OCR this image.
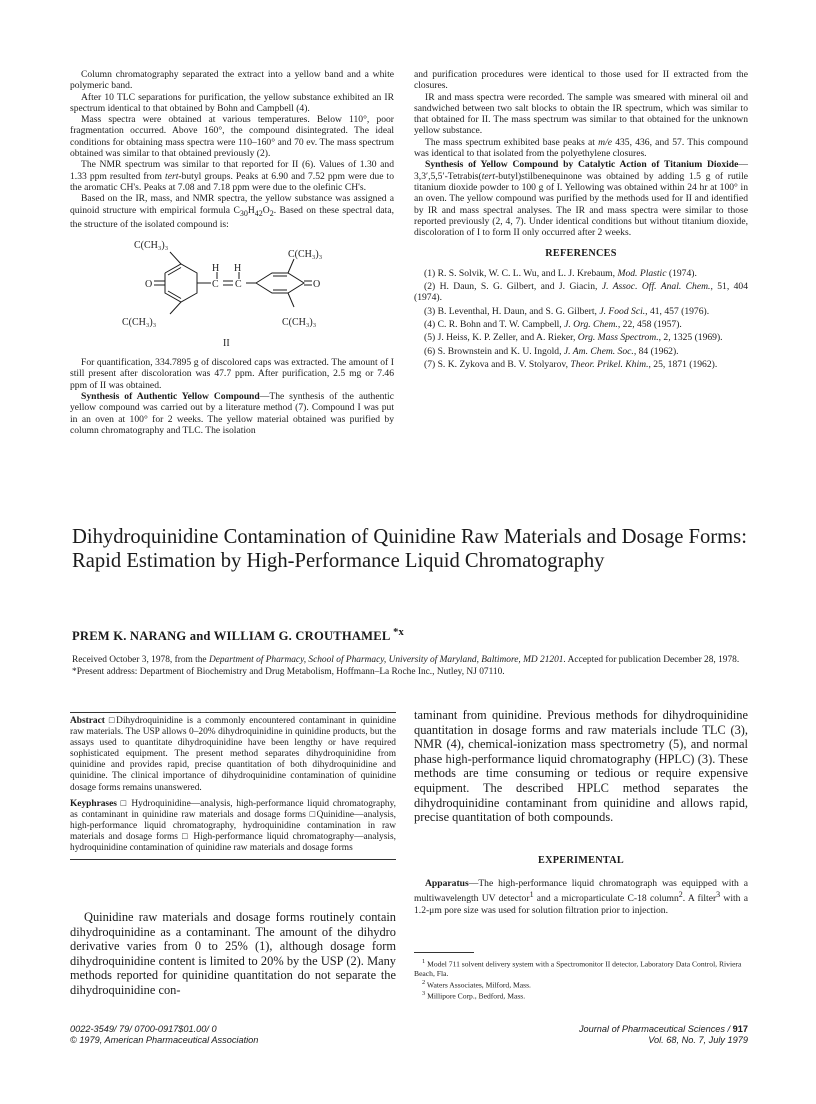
Column chromatography separated the extract into a yellow band and a white polymeric band.

After 10 TLC separations for purification, the yellow substance exhibited an IR spectrum identical to that obtained by Bohn and Campbell (4).

Mass spectra were obtained at various temperatures. Below 110°, poor fragmentation occurred. Above 160°, the compound disintegrated. The ideal conditions for obtaining mass spectra were 110–160° and 70 ev. The mass spectrum obtained was similar to that obtained previously (2).

The NMR spectrum was similar to that reported for II (6). Values of 1.30 and 1.33 ppm resulted from tert-butyl groups. Peaks at 6.90 and 7.52 ppm were due to the aromatic CH's. Peaks at 7.08 and 7.18 ppm were due to the olefinic CH's.

Based on the IR, mass, and NMR spectra, the yellow substance was assigned a quinoid structure with empirical formula $C_{30}H_{42}O_2$. Based on these spectral data, the structure of the isolated compound is:

C(CH₃)₃
C(CH₃)₃
C(CH₃)₃	C(CH₃)₃
O	O
H H
C C
II

For quantification, 334.7895 g of discolored caps was extracted. The amount of I still present after discoloration was 47.7 ppm. After purification, 2.5 mg or 7.46 ppm of II was obtained.

Synthesis of Authentic Yellow Compound—The synthesis of the authentic yellow compound was carried out by a literature method (7). Compound I was put in an oven at 100° for 2 weeks. The yellow material obtained was purified by column chromatography and TLC. The isolation

and purification procedures were identical to those used for II extracted from the closures.

IR and mass spectra were recorded. The sample was smeared with mineral oil and sandwiched between two salt blocks to obtain the IR spectrum, which was similar to that obtained for II. The mass spectrum was similar to that obtained for the unknown yellow substance.

The mass spectrum exhibited base peaks at m/e 435, 436, and 57. This compound was identical to that isolated from the polyethylene closures.

Synthesis of Yellow Compound by Catalytic Action of Titanium Dioxide—3,3′,5,5′-Tetrabis(tert-butyl)stilbenequinone was obtained by adding 1.5 g of rutile titanium dioxide powder to 100 g of I. Yellowing was obtained within 24 hr at 100° in an oven. The yellow compound was purified by the methods used for II and identified by IR and mass spectral analyses. The IR and mass spectra were similar to those reported previously (2, 4, 7). Under identical conditions but without titanium dioxide, discoloration of I to form II only occurred after 2 weeks.

REFERENCES

(1) R. S. Solvik, W. C. L. Wu, and L. J. Krebaum, Mod. Plastic (1974).

(2) H. Daun, S. G. Gilbert, and J. Giacin, J. Assoc. Off. Anal. Chem., 51, 404 (1974).

(3) B. Leventhal, H. Daun, and S. G. Gilbert, J. Food Sci., 41, 457 (1976).

(4) C. R. Bohn and T. W. Campbell, J. Org. Chem., 22, 458 (1957).

(5) J. Heiss, K. P. Zeller, and A. Rieker, Org. Mass Spectrom., 2, 1325 (1969).

(6) S. Brownstein and K. U. Ingold, J. Am. Chem. Soc., 84 (1962).

(7) S. K. Zykova and B. V. Stolyarov, Theor. Prikel. Khim., 25, 1871 (1962).

Dihydroquinidine Contamination of Quinidine Raw Materials and Dosage Forms: Rapid Estimation by High-Performance Liquid Chromatography
PREM K. NARANG and WILLIAM G. CROUTHAMEL $^{*x}$
Received October 3, 1978, from the Department of Pharmacy, School of Pharmacy, University of Maryland, Baltimore, MD 21201. Accepted for publication December 28, 1978. *Present address: Department of Biochemistry and Drug Metabolism, Hoffmann–La Roche Inc., Nutley, NJ 07110.

Abstract □Dihydroquinidine is a commonly encountered contaminant in quinidine raw materials. The USP allows 0–20% dihydroquinidine in quinidine products, but the assays used to quantitate dihydroquinidine have been lengthy or have required sophisticated equipment. The present method separates dihydroquinidine from quinidine and provides rapid, precise quantitation of both dihydroquinidine and quinidine. The clinical importance of dihydroquinidine contamination of quinidine dosage forms remains unanswered.

Keyphrases □ Hydroquinidine—analysis, high-performance liquid chromatography, as contaminant in quinidine raw materials and dosage forms □Quinidine—analysis, high-performance liquid chromatography, hydroquinidine contamination in raw materials and dosage forms □ High-performance liquid chromatography—analysis, hydroquinidine contamination of quinidine raw materials and dosage forms

Quinidine raw materials and dosage forms routinely contain dihydroquinidine as a contaminant. The amount of the dihydro derivative varies from 0 to 25% (1), although dosage form dihydroquinidine content is limited to 20% by the USP (2). Many methods reported for quinidine quantitation do not separate the dihydroquinidine con-

taminant from quinidine. Previous methods for dihydroquinidine quantitation in dosage forms and raw materials include TLC (3), NMR (4), chemical-ionization mass spectrometry (5), and normal phase high-performance liquid chromatography (HPLC) (3). These methods are time consuming or tedious or require expensive equipment. The described HPLC method separates the dihydroquinidine contaminant from quinidine and allows rapid, precise quantitation of both compounds.

EXPERIMENTAL

Apparatus—The high-performance liquid chromatograph was equipped with a multiwavelength UV detector$^1$ and a microparticulate C-18 column$^2$. A filter$^3$ with a 1.2-μm pore size was used for solution filtration prior to injection.

$^1$ Model 711 solvent delivery system with a Spectromonitor II detector, Laboratory Data Control, Riviera Beach, Fla.

$^2$ Waters Associates, Milford, Mass.

$^3$ Millipore Corp., Bedford, Mass.

0022-3549/ 79/ 0700-0917$01.00/ 0
© 1979, American Pharmaceutical Association
Journal of Pharmaceutical Sciences / 917
Vol. 68, No. 7, July 1979
